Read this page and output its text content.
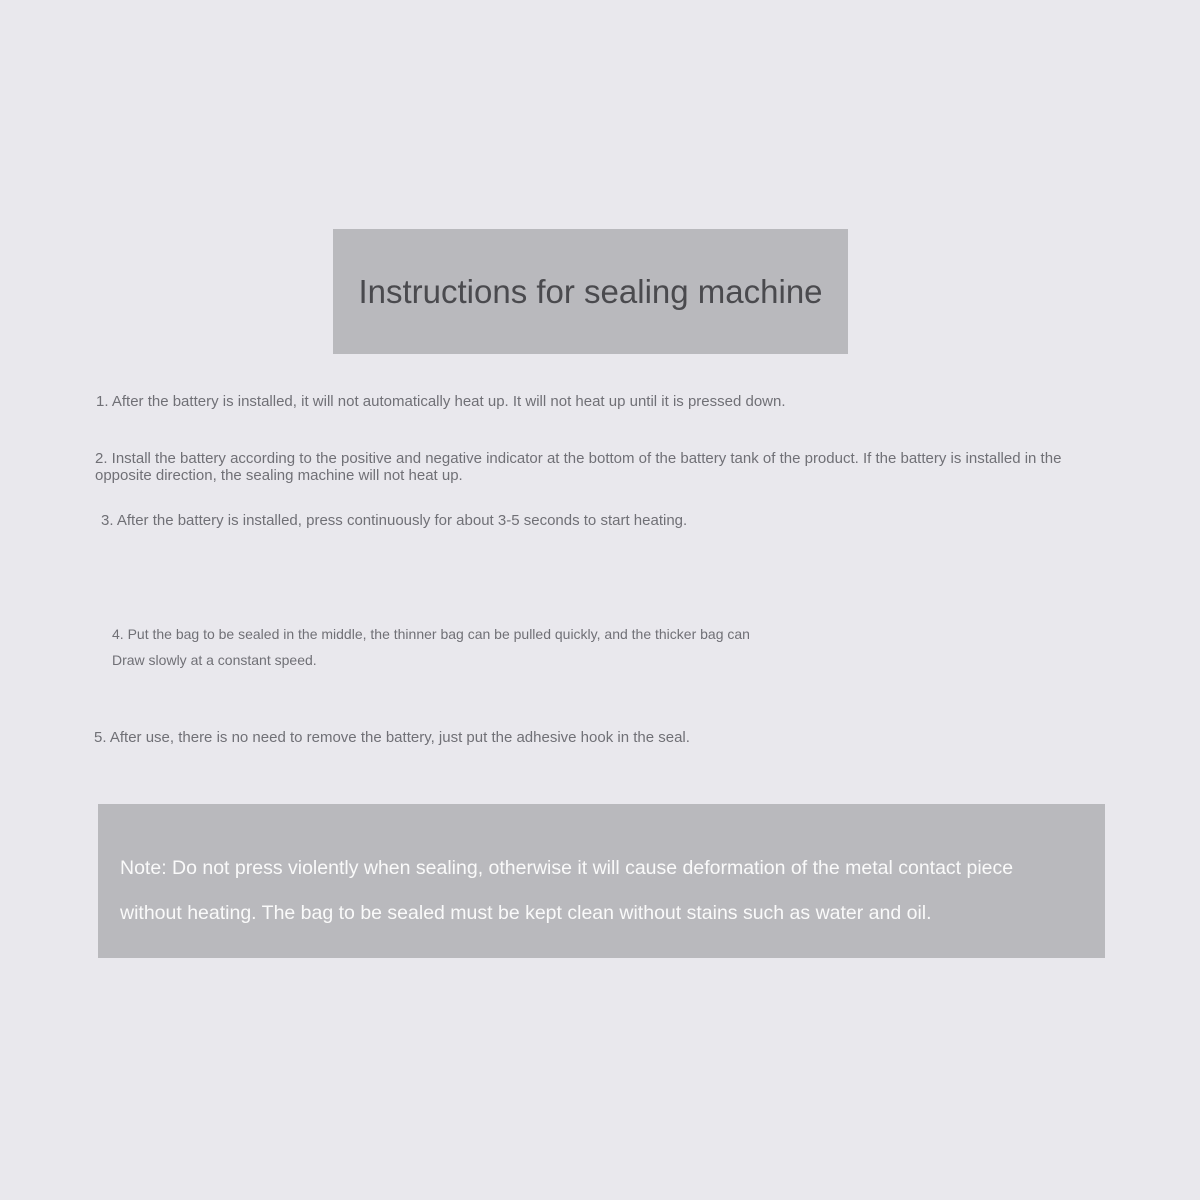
Instructions for sealing machine
1. After the battery is installed, it will not automatically heat up. It will not heat up until it is pressed down.
2. Install the battery according to the positive and negative indicator at the bottom of the battery tank of the product. If the battery is installed in the
opposite direction, the sealing machine will not heat up.
3. After the battery is installed, press continuously for about 3-5 seconds to start heating.
4. Put the bag to be sealed in the middle, the thinner bag can be pulled quickly, and the thicker bag can
Draw slowly at a constant speed.
5. After use, there is no need to remove the battery, just put the adhesive hook in the seal.
Note: Do not press violently when sealing, otherwise it will cause deformation of the metal contact piece
without heating. The bag to be sealed must be kept clean without stains such as water and oil.
